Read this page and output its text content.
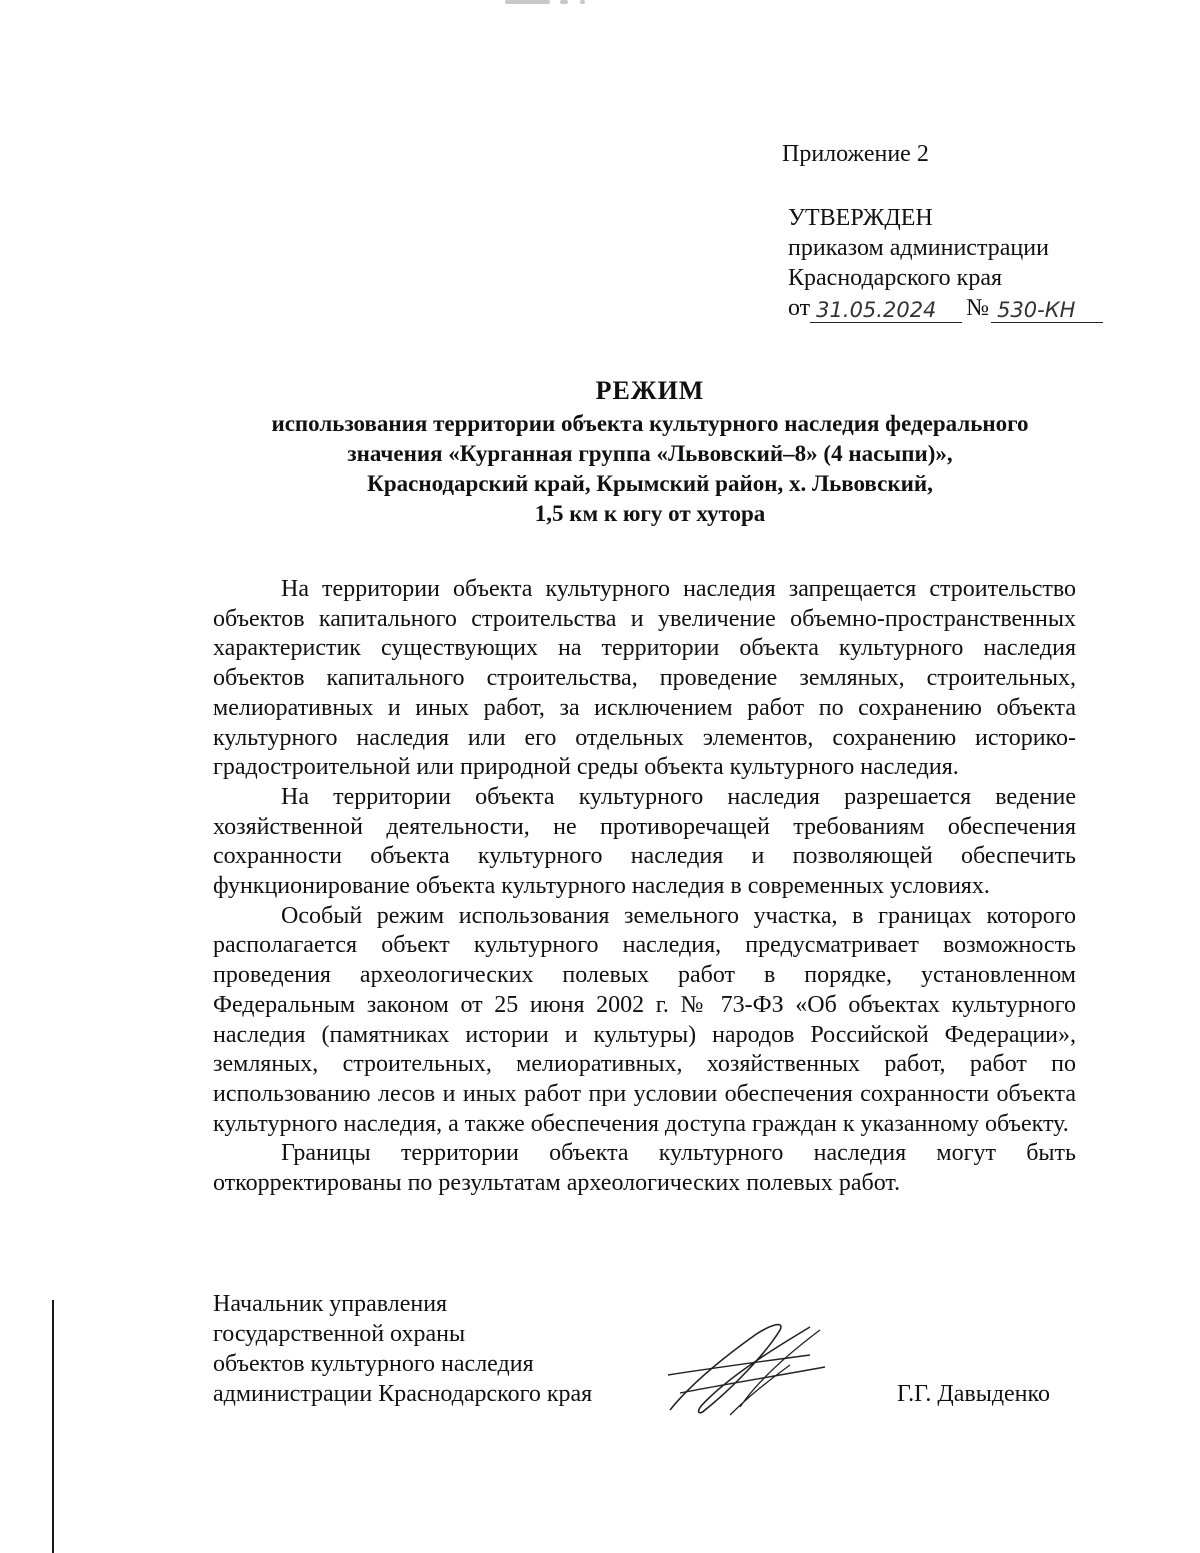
Приложение 2
УТВЕРЖДЕН
приказом администрации
Краснодарского края
от 31.05.2024	№ 530-КН
РЕЖИМ
использования территории объекта культурного наследия федерального
значения «Курганная группа «Львовский–8» (4 насыпи)»,
Краснодарский край, Крымский район, х. Львовский,
1,5 км к югу от хутора

На территории объекта культурного наследия запрещается строительство объектов капитального строительства и увеличение объемно-пространственных характеристик существующих на территории объекта культурного наследия объектов капитального строительства, проведение земляных, строительных, мелиоративных и иных работ, за исключением работ по сохранению объекта культурного наследия или его отдельных элементов, сохранению историко-градостроительной или природной среды объекта культурного наследия.

На территории объекта культурного наследия разрешается ведение хозяйственной деятельности, не противоречащей требованиям обеспечения сохранности объекта культурного наследия и позволяющей обеспечить функционирование объекта культурного наследия в современных условиях.

Особый режим использования земельного участка, в границах которого располагается объект культурного наследия, предусматривает возможность проведения археологических полевых работ в порядке, установленном Федеральным законом от 25 июня 2002 г. № 73-ФЗ «Об объектах культурного наследия (памятниках истории и культуры) народов Российской Федерации», земляных, строительных, мелиоративных, хозяйственных работ, работ по использованию лесов и иных работ при условии обеспечения сохранности объекта культурного наследия, а также обеспечения доступа граждан к указанному объекту.

Границы территории объекта культурного наследия могут быть откорректированы по результатам археологических полевых работ.

Начальник управления
государственной охраны
объектов культурного наследия
администрации Краснодарского края	Г.Г. Давыденко
